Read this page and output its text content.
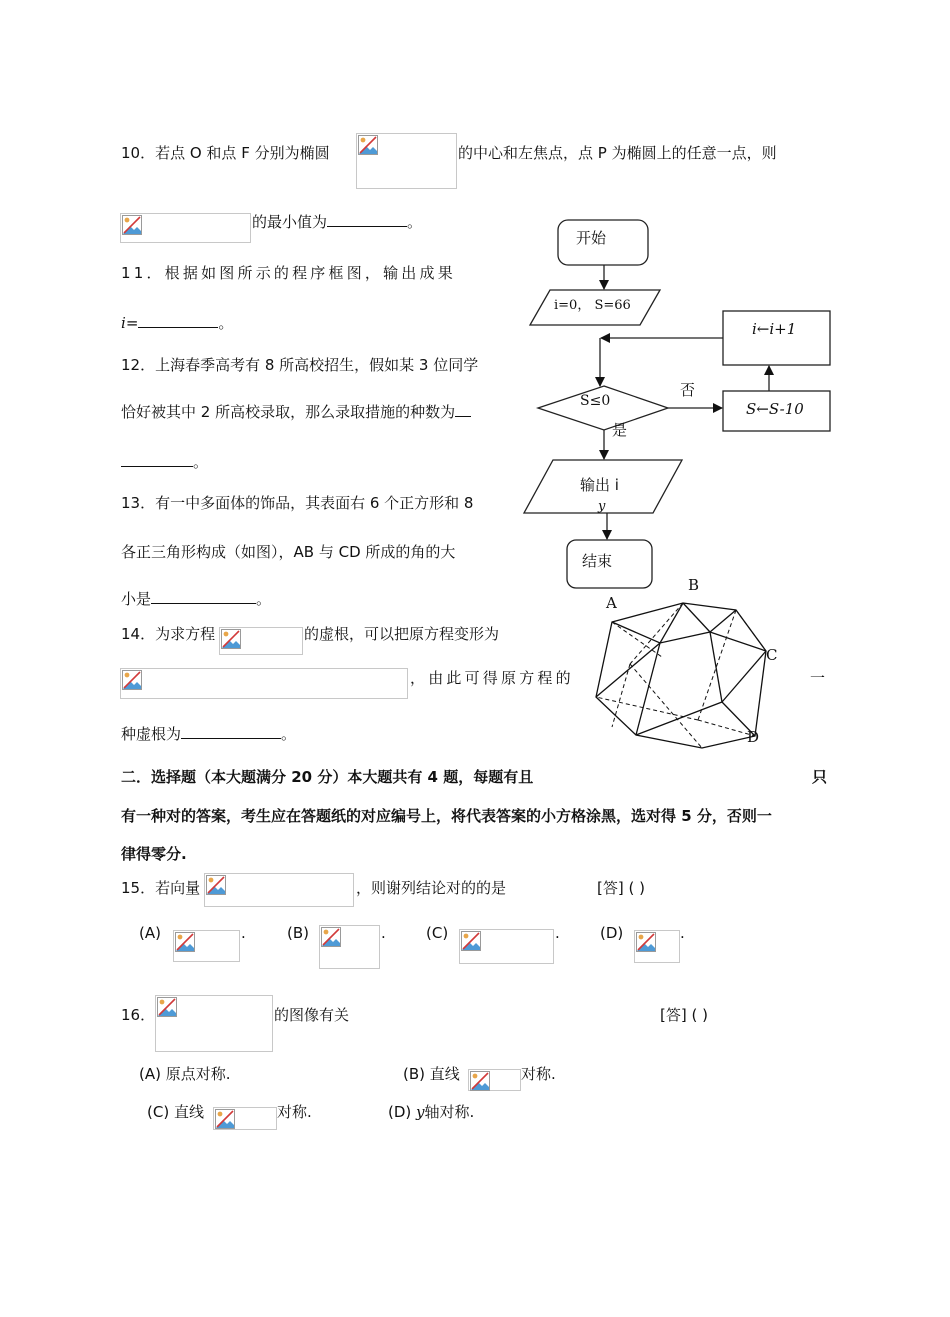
10．若点 O 和点 F 分别为椭圆	的中心和左焦点，点 P 为椭圆上的任意一点，则
的最小值为	。
11．根据如图所示的程序框图，输出成果
i=	。
12．上海春季高考有 8 所高校招生，假如某 3 位同学
恰好被其中 2 所高校录取，那么录取措施的种数为
。
13．有一中多面体的饰品，其表面右 6 个正方形和 8
各正三角形构成（如图），AB 与 CD 所成的角的大
小是	。
14．为求方程	的虚根，可以把原方程变形为
，由此可得原方程的	一
种虚根为	。
二．选择题（本大题满分 20 分）本大题共有 4 题，每题有且	只
有一种对的答案，考生应在答题纸的对应编号上，将代表答案的小方格涂黑，选对得 5 分，否则一
律得零分.
15．若向量	，则谢列结论对的的是	[答] ( )
(A)	.	(B)	.	(C)	.	(D)	.
16．	的图像有关	[答] ( )
(A) 原点对称.	(B) 直线	对称.
(C) 直线	对称.	(D) y轴对称.
开始
i=0， S=66
i←i+1
S≤0
否
是
S←S-10
输出 i
y
结束
A
B
C
D
